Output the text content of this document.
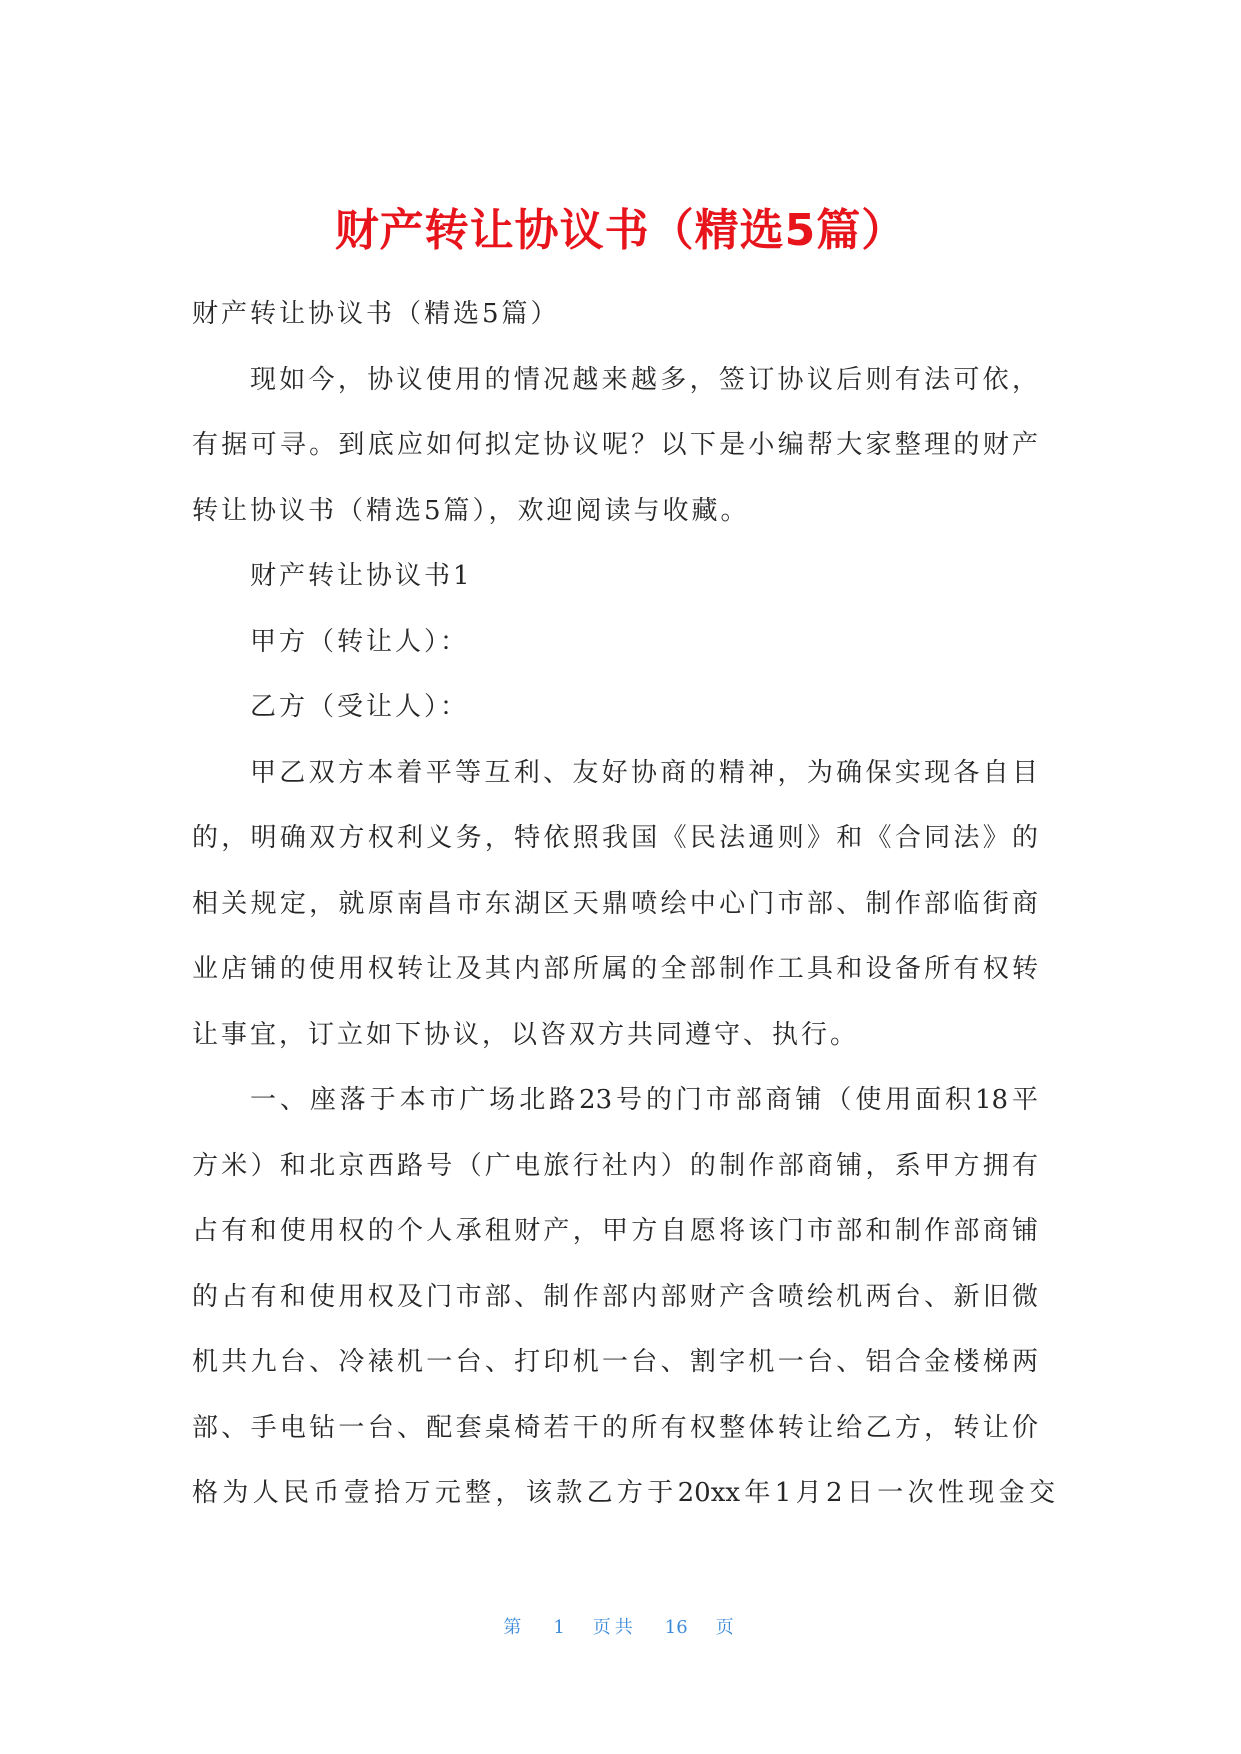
财产转让协议书（精选5篇）
财产转让协议书（精选5篇）
现如今，协议使用的情况越来越多，签订协议后则有法可依，
有据可寻。到底应如何拟定协议呢？以下是小编帮大家整理的财产
转让协议书（精选5篇），欢迎阅读与收藏。
财产转让协议书1
甲方（转让人）：
乙方（受让人）：
甲乙双方本着平等互利、友好协商的精神，为确保实现各自目
的，明确双方权利义务，特依照我国《民法通则》和《合同法》的
相关规定，就原南昌市东湖区天鼎喷绘中心门市部、制作部临街商
业店铺的使用权转让及其内部所属的全部制作工具和设备所有权转
让事宜，订立如下协议，以咨双方共同遵守、执行。
一、座落于本市广场北路23号的门市部商铺（使用面积18平
方米）和北京西路号（广电旅行社内）的制作部商铺，系甲方拥有
占有和使用权的个人承租财产，甲方自愿将该门市部和制作部商铺
的占有和使用权及门市部、制作部内部财产含喷绘机两台、新旧微
机共九台、冷裱机一台、打印机一台、割字机一台、铝合金楼梯两
部、手电钻一台、配套桌椅若干的所有权整体转让给乙方，转让价
格为人民币壹拾万元整，该款乙方于20xx年1月2日一次性现金交
第 1 页共 16 页
